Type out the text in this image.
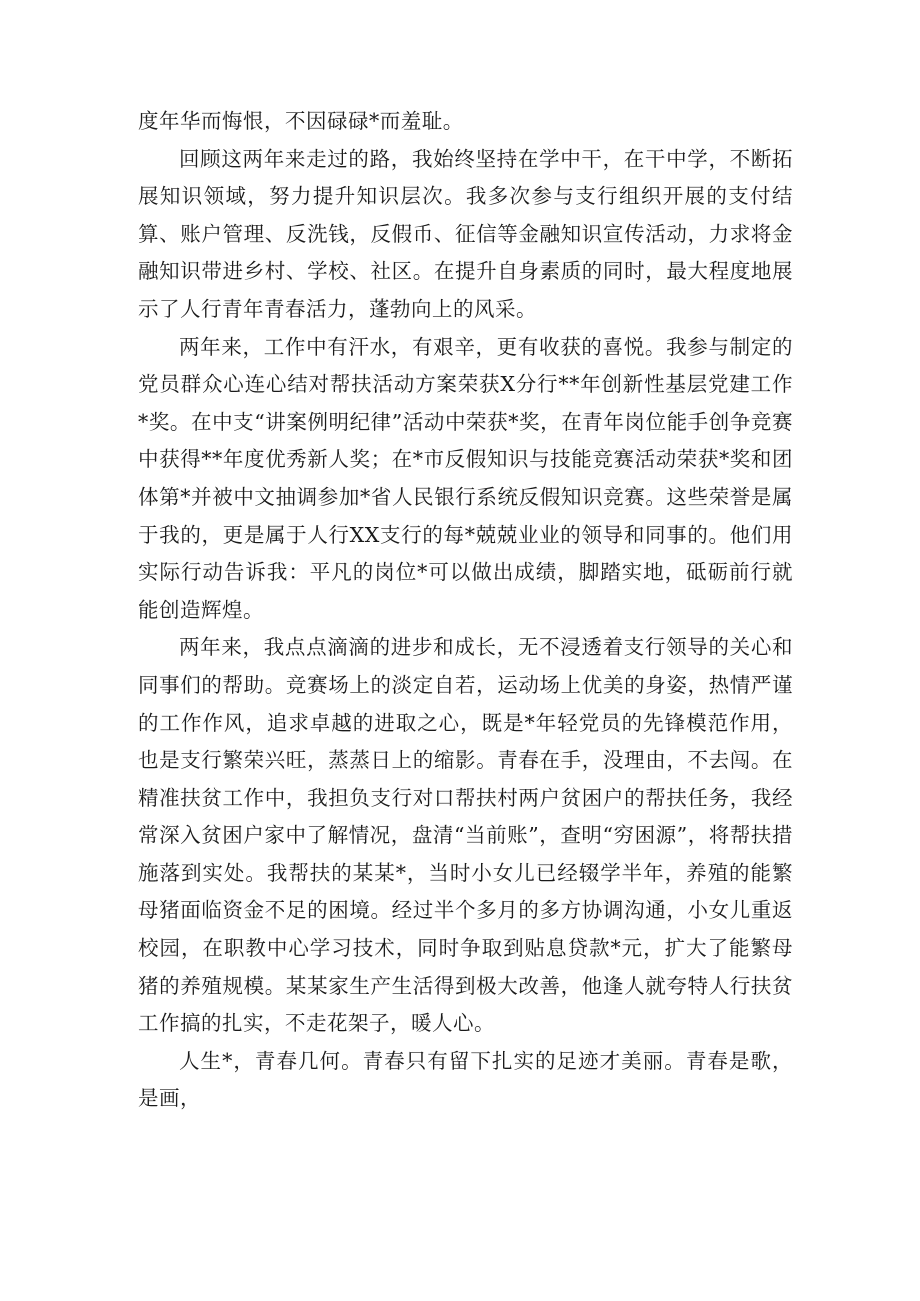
度年华而悔恨，不因碌碌*而羞耻。

回顾这两年来走过的路，我始终坚持在学中干，在干中学，不断拓展知识领域，努力提升知识层次。我多次参与支行组织开展的支付结算、账户管理、反洗钱，反假币、征信等金融知识宣传活动，力求将金融知识带进乡村、学校、社区。在提升自身素质的同时，最大程度地展示了人行青年青春活力，蓬勃向上的风采。

两年来，工作中有汗水，有艰辛，更有收获的喜悦。我参与制定的党员群众心连心结对帮扶活动方案荣获X分行**年创新性基层党建工作*奖。在中支“讲案例明纪律”活动中荣获*奖，在青年岗位能手创争竞赛中获得**年度优秀新人奖；在*市反假知识与技能竞赛活动荣获*奖和团体第*并被中文抽调参加*省人民银行系统反假知识竞赛。这些荣誉是属于我的，更是属于人行XX支行的每*兢兢业业的领导和同事的。他们用实际行动告诉我：平凡的岗位*可以做出成绩，脚踏实地，砥砺前行就能创造辉煌。

两年来，我点点滴滴的进步和成长，无不浸透着支行领导的关心和同事们的帮助。竞赛场上的淡定自若，运动场上优美的身姿，热情严谨的工作作风，追求卓越的进取之心，既是*年轻党员的先锋模范作用，也是支行繁荣兴旺，蒸蒸日上的缩影。青春在手，没理由，不去闯。在精准扶贫工作中，我担负支行对口帮扶村两户贫困户的帮扶任务，我经常深入贫困户家中了解情况，盘清“当前账”，查明“穷困源”，将帮扶措施落到实处。我帮扶的某某*，当时小女儿已经辍学半年，养殖的能繁母猪面临资金不足的困境。经过半个多月的多方协调沟通，小女儿重返校园，在职教中心学习技术，同时争取到贴息贷款*元，扩大了能繁母猪的养殖规模。某某家生产生活得到极大改善，他逢人就夸特人行扶贫工作搞的扎实，不走花架子，暖人心。

人生*，青春几何。青春只有留下扎实的足迹才美丽。青春是歌，是画，
